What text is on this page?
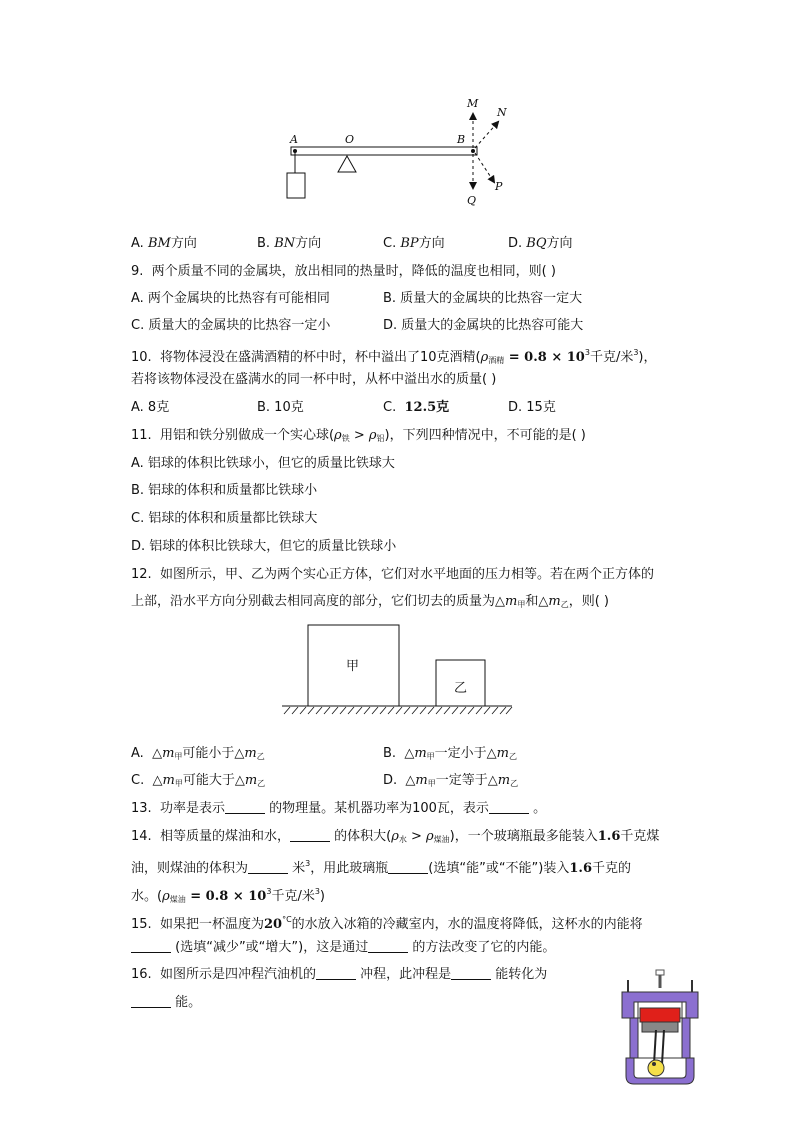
A	O	B
M
N
P
Q
A. BM方向	B. BN方向	C. BP方向	D. BQ方向
9. 两个质量不同的金属块，放出相同的热量时，降低的温度也相同，则( )
A. 两个金属块的比热容有可能相同	B. 质量大的金属块的比热容一定大
C. 质量大的金属块的比热容一定小	D. 质量大的金属块的比热容可能大
10. 将物体浸没在盛满酒精的杯中时，杯中溢出了10克酒精($\rho_{酒精} = 0.8 \times 10^3$千克/米$^3$)，
若将该物体浸没在盛满水的同一杯中时，从杯中溢出水的质量( )
A. 8克	B. 10克	C. 12.5克	D. 15克
11. 用铝和铁分别做成一个实心球$(\rho_铁 > \rho_铝)$，下列四种情况中，不可能的是( )
A. 铝球的体积比铁球小，但它的质量比铁球大
B. 铝球的体积和质量都比铁球小
C. 铝球的体积和质量都比铁球大
D. 铝球的体积比铁球大，但它的质量比铁球小
12. 如图所示，甲、乙为两个实心正方体，它们对水平地面的压力相等。若在两个正方体的
上部，沿水平方向分别截去相同高度的部分，它们切去的质量为$\triangle m_甲$和$\triangle m_乙$，则( )
甲
乙
A. $\triangle m_甲$可能小于$\triangle m_乙$	B. $\triangle m_甲$一定小于$\triangle m_乙$
C. $\triangle m_甲$可能大于$\triangle m_乙$	D. $\triangle m_甲$一定等于$\triangle m_乙$
13. 功率是表示	的物理量。某机器功率为100瓦，表示	。
14. 相等质量的煤油和水，	的体积大$(\rho_水 > \rho_{煤油})$，一个玻璃瓶最多能装入1.6千克煤
油，则煤油的体积为	米$^3$，用此玻璃瓶	(选填“能”或“不能”)装入1.6千克的
水。($\rho_{煤油} = 0.8 \times 10^3$千克/米$^3$)
15. 如果把一杯温度为$20^{^\circ C}$的水放入冰箱的冷藏室内，水的温度将降低，这杯水的内能将
(选填“减少”或“增大”)，这是通过	的方法改变了它的内能。
16. 如图所示是四冲程汽油机的	冲程，此冲程是	能转化为
能。
